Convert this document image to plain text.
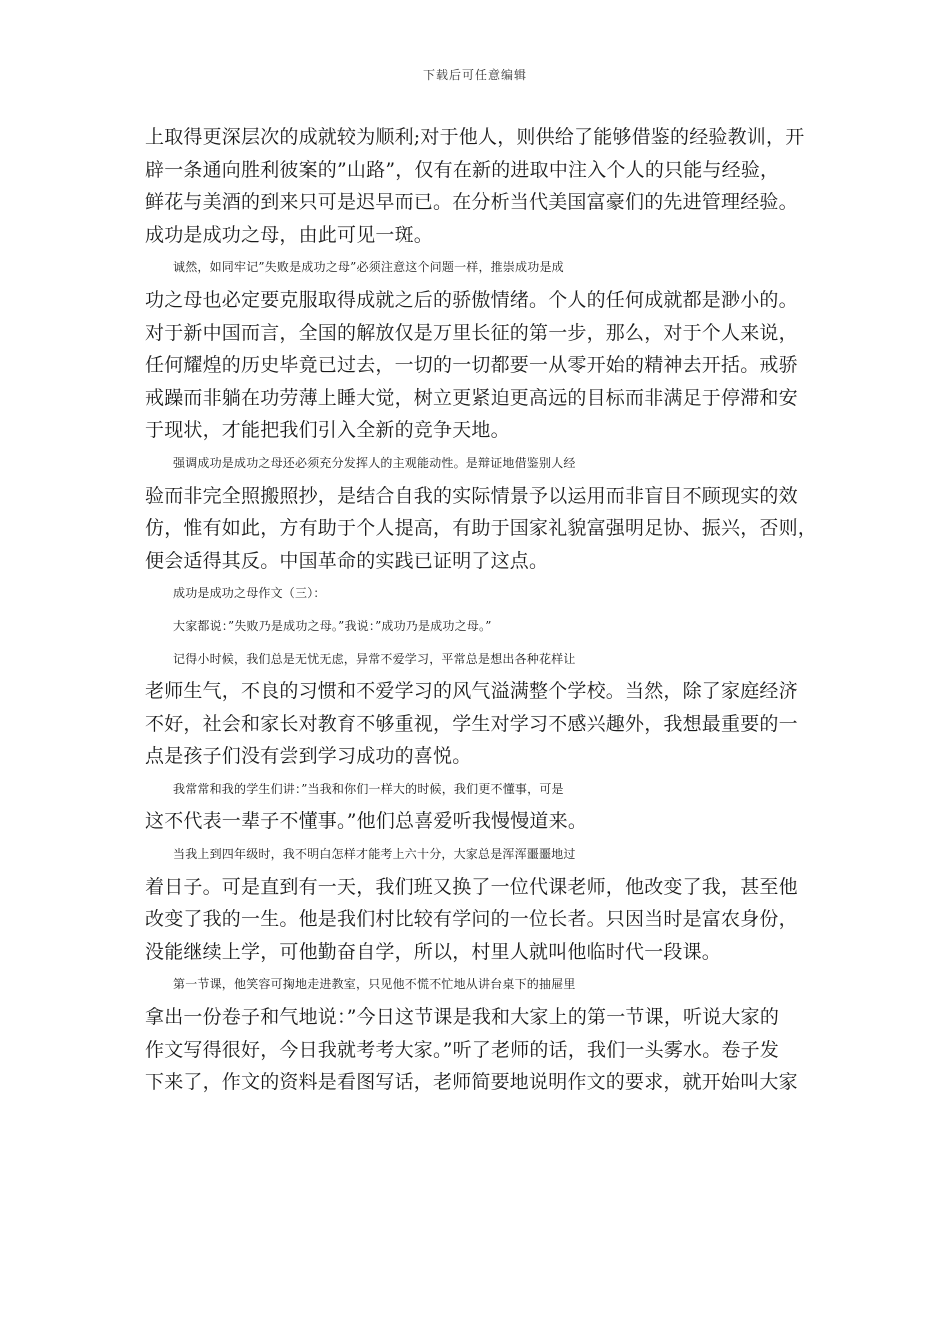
下载后可任意编辑
上取得更深层次的成就较为顺利;对于他人，则供给了能够借鉴的经验教训，开
辟一条通向胜利彼案的”山路”，仅有在新的进取中注入个人的只能与经验，
鲜花与美酒的到来只可是迟早而已。在分析当代美国富豪们的先进管理经验。
成功是成功之母，由此可见一斑。
诚然，如同牢记”失败是成功之母”必须注意这个问题一样，推崇成功是成
功之母也必定要克服取得成就之后的骄傲情绪。个人的任何成就都是渺小的。
对于新中国而言，全国的解放仅是万里长征的第一步，那么，对于个人来说，
任何耀煌的历史毕竟已过去，一切的一切都要一从零开始的精神去开括。戒骄
戒躁而非躺在功劳薄上睡大觉，树立更紧迫更高远的目标而非满足于停滞和安
于现状，才能把我们引入全新的竞争天地。
强调成功是成功之母还必须充分发挥人的主观能动性。是辩证地借鉴别人经
验而非完全照搬照抄，是结合自我的实际情景予以运用而非盲目不顾现实的效
仿，惟有如此，方有助于个人提高，有助于国家礼貌富强明足协、振兴，否则，
便会适得其反。中国革命的实践已证明了这点。
成功是成功之母作文（三）：
大家都说：”失败乃是成功之母。”我说：”成功乃是成功之母。”
记得小时候，我们总是无忧无虑，异常不爱学习，平常总是想出各种花样让
老师生气，不良的习惯和不爱学习的风气溢满整个学校。当然，除了家庭经济
不好，社会和家长对教育不够重视，学生对学习不感兴趣外，我想最重要的一
点是孩子们没有尝到学习成功的喜悦。
我常常和我的学生们讲：”当我和你们一样大的时候，我们更不懂事，可是
这不代表一辈子不懂事。”他们总喜爱听我慢慢道来。
当我上到四年级时，我不明白怎样才能考上六十分，大家总是浑浑噩噩地过
着日子。可是直到有一天，我们班又换了一位代课老师，他改变了我，甚至他
改变了我的一生。他是我们村比较有学问的一位长者。只因当时是富农身份，
没能继续上学，可他勤奋自学，所以，村里人就叫他临时代一段课。
第一节课，他笑容可掬地走进教室，只见他不慌不忙地从讲台桌下的抽屉里
拿出一份卷子和气地说：”今日这节课是我和大家上的第一节课，听说大家的
作文写得很好，今日我就考考大家。”听了老师的话，我们一头雾水。卷子发
下来了，作文的资料是看图写话，老师简要地说明作文的要求，就开始叫大家
